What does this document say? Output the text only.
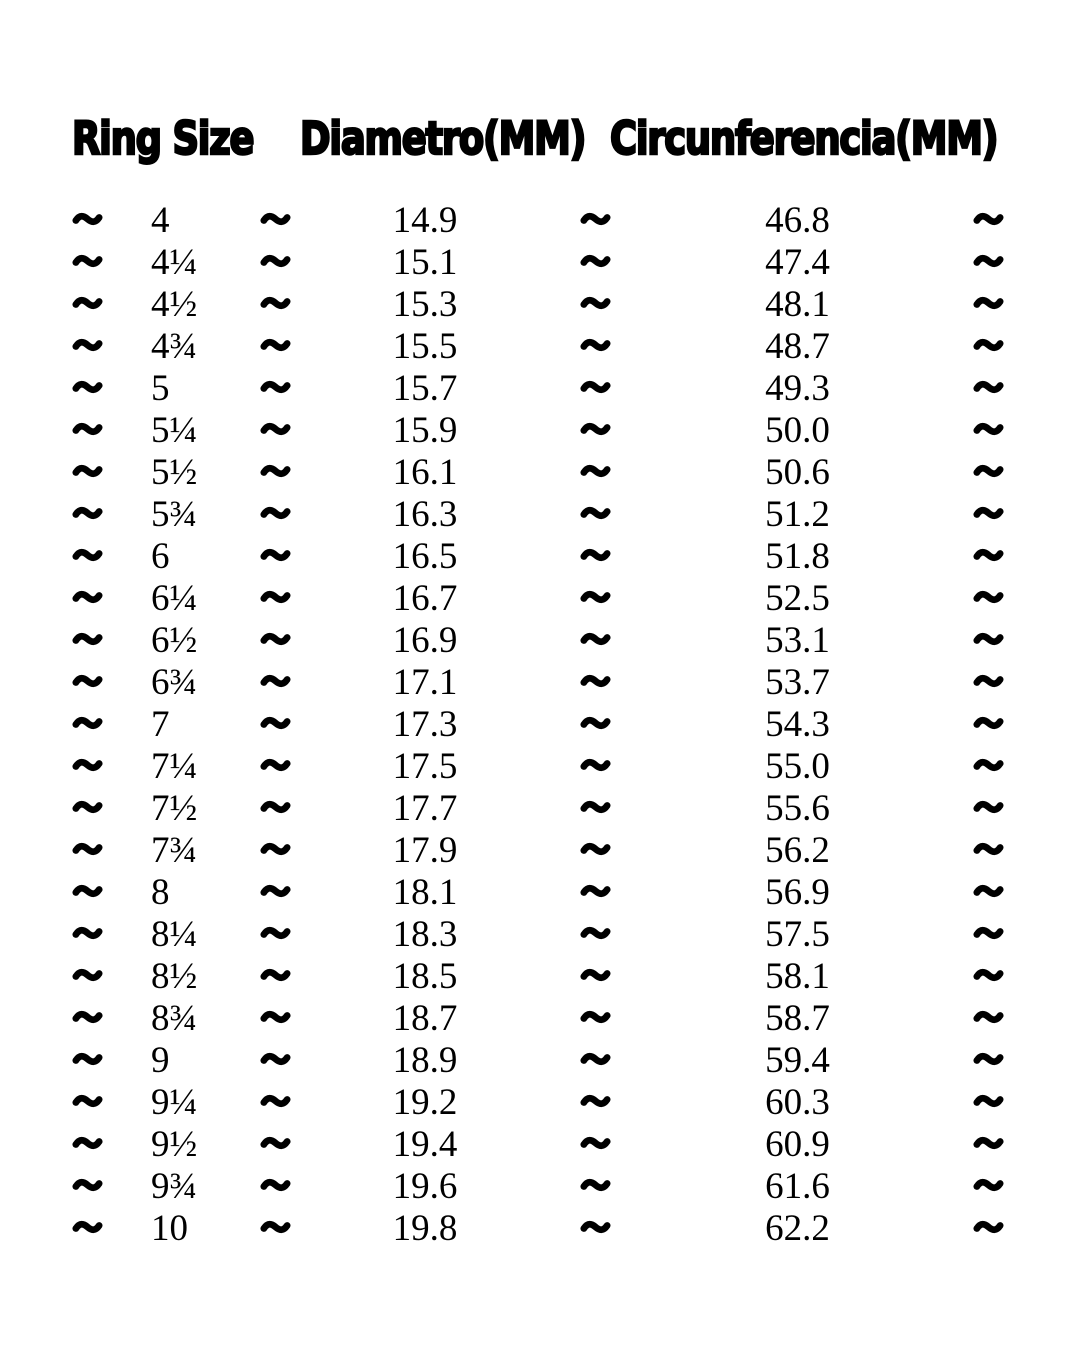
Ring Size Diametro(MM) Circunferencia(MM)
4	14.9	46.8
4¼	15.1	47.4
4½	15.3	48.1
4¾	15.5	48.7
5	15.7	49.3
5¼	15.9	50.0
5½	16.1	50.6
5¾	16.3	51.2
6	16.5	51.8
6¼	16.7	52.5
6½	16.9	53.1
6¾	17.1	53.7
7	17.3	54.3
7¼	17.5	55.0
7½	17.7	55.6
7¾	17.9	56.2
8	18.1	56.9
8¼	18.3	57.5
8½	18.5	58.1
8¾	18.7	58.7
9	18.9	59.4
9¼	19.2	60.3
9½	19.4	60.9
9¾	19.6	61.6
10	19.8	62.2
